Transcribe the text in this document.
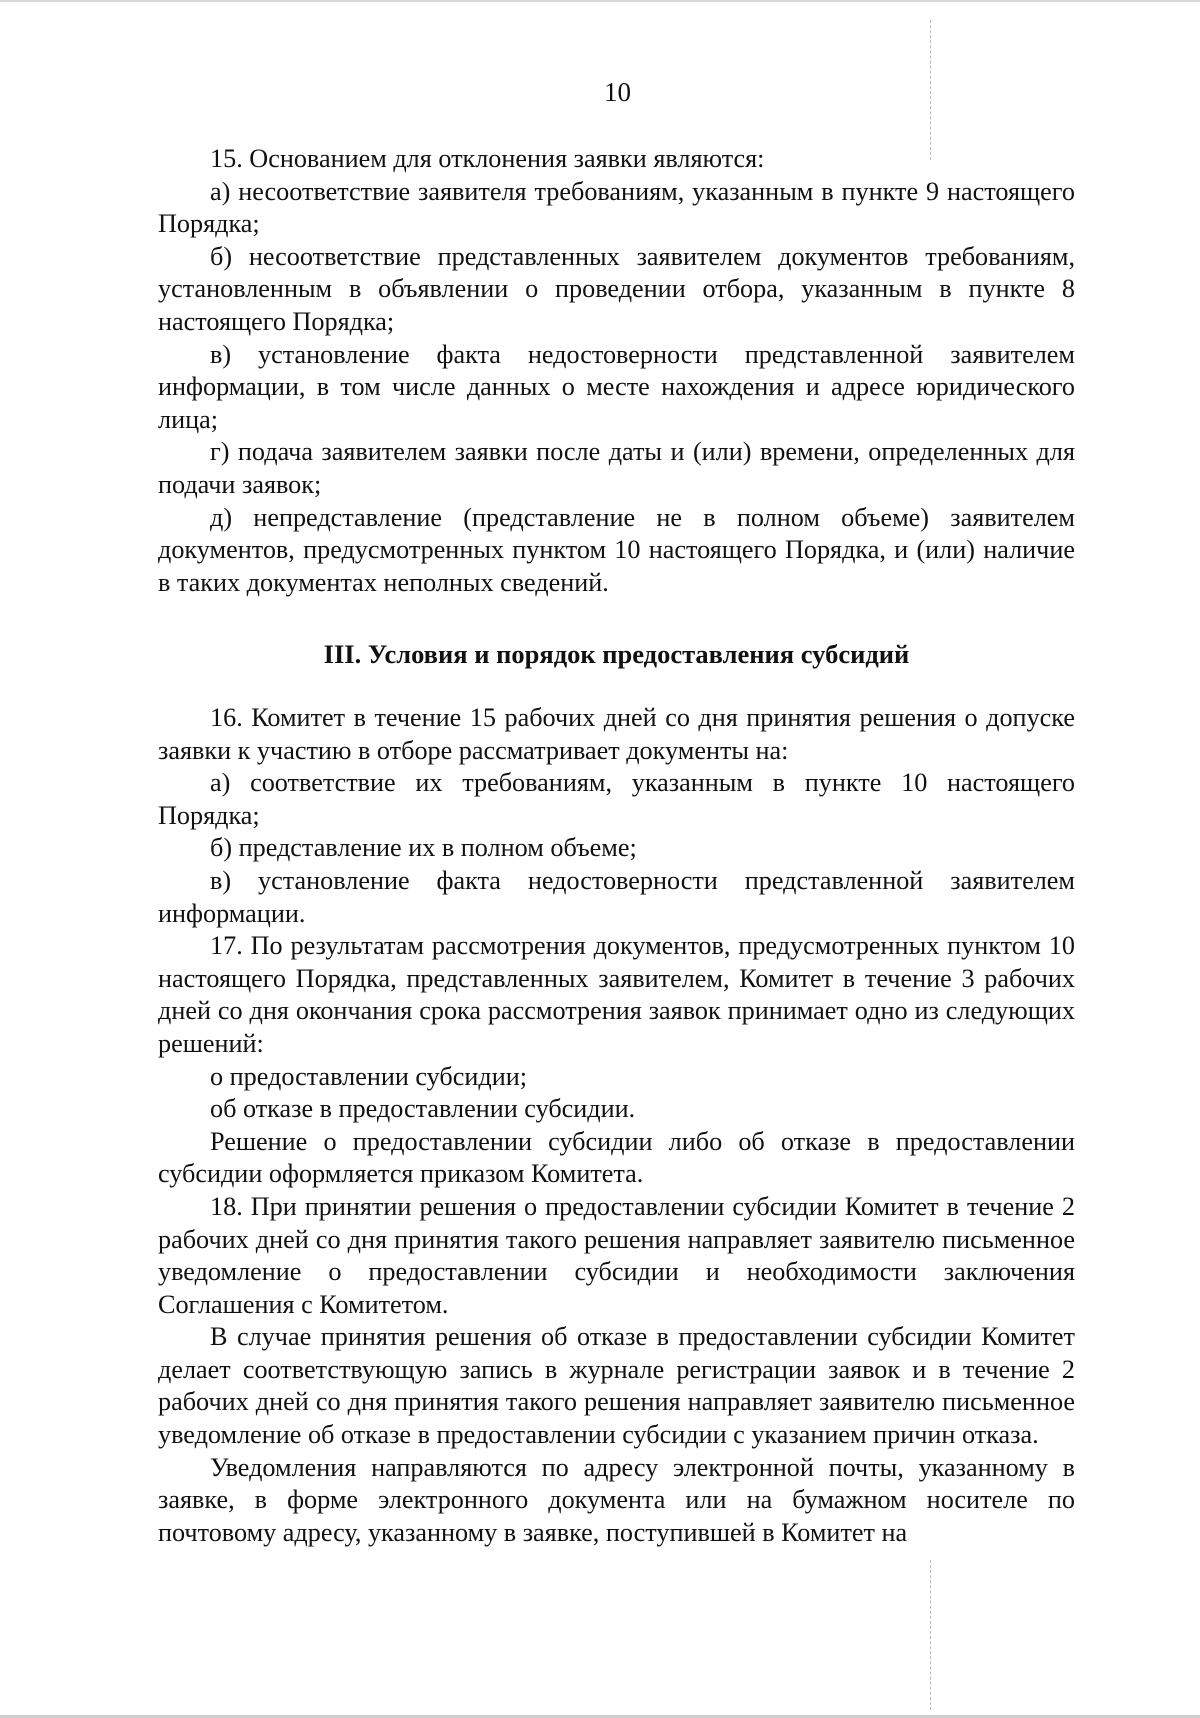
10

15. Основанием для отклонения заявки являются:

а) несоответствие заявителя требованиям, указанным в пункте 9 настоящего Порядка;

б) несоответствие представленных заявителем документов требованиям, установленным в объявлении о проведении отбора, указанным в пункте 8 настоящего Порядка;

в) установление факта недостоверности представленной заявителем информации, в том числе данных о месте нахождения и адресе юридического лица;

г) подача заявителем заявки после даты и (или) времени, определенных для подачи заявок;

д) непредставление (представление не в полном объеме) заявителем документов, предусмотренных пунктом 10 настоящего Порядка, и (или) наличие в таких документах неполных сведений.

III. Условия и порядок предоставления субсидий

16. Комитет в течение 15 рабочих дней со дня принятия решения о допуске заявки к участию в отборе рассматривает документы на:

а) соответствие их требованиям, указанным в пункте 10 настоящего Порядка;

б) представление их в полном объеме;

в) установление факта недостоверности представленной заявителем информации.

17. По результатам рассмотрения документов, предусмотренных пунктом 10 настоящего Порядка, представленных заявителем, Комитет в течение 3 рабочих дней со дня окончания срока рассмотрения заявок принимает одно из следующих решений:

о предоставлении субсидии;

об отказе в предоставлении субсидии.

Решение о предоставлении субсидии либо об отказе в предоставлении субсидии оформляется приказом Комитета.

18. При принятии решения о предоставлении субсидии Комитет в течение 2 рабочих дней со дня принятия такого решения направляет заявителю письменное уведомление о предоставлении субсидии и необходимости заключения Соглашения с Комитетом.

В случае принятия решения об отказе в предоставлении субсидии Комитет делает соответствующую запись в журнале регистрации заявок и в течение 2 рабочих дней со дня принятия такого решения направляет заявителю письменное уведомление об отказе в предоставлении субсидии с указанием причин отказа.

Уведомления направляются по адресу электронной почты, указанному в заявке, в форме электронного документа или на бумажном носителе по почтовому адресу, указанному в заявке, поступившей в Комитет на
